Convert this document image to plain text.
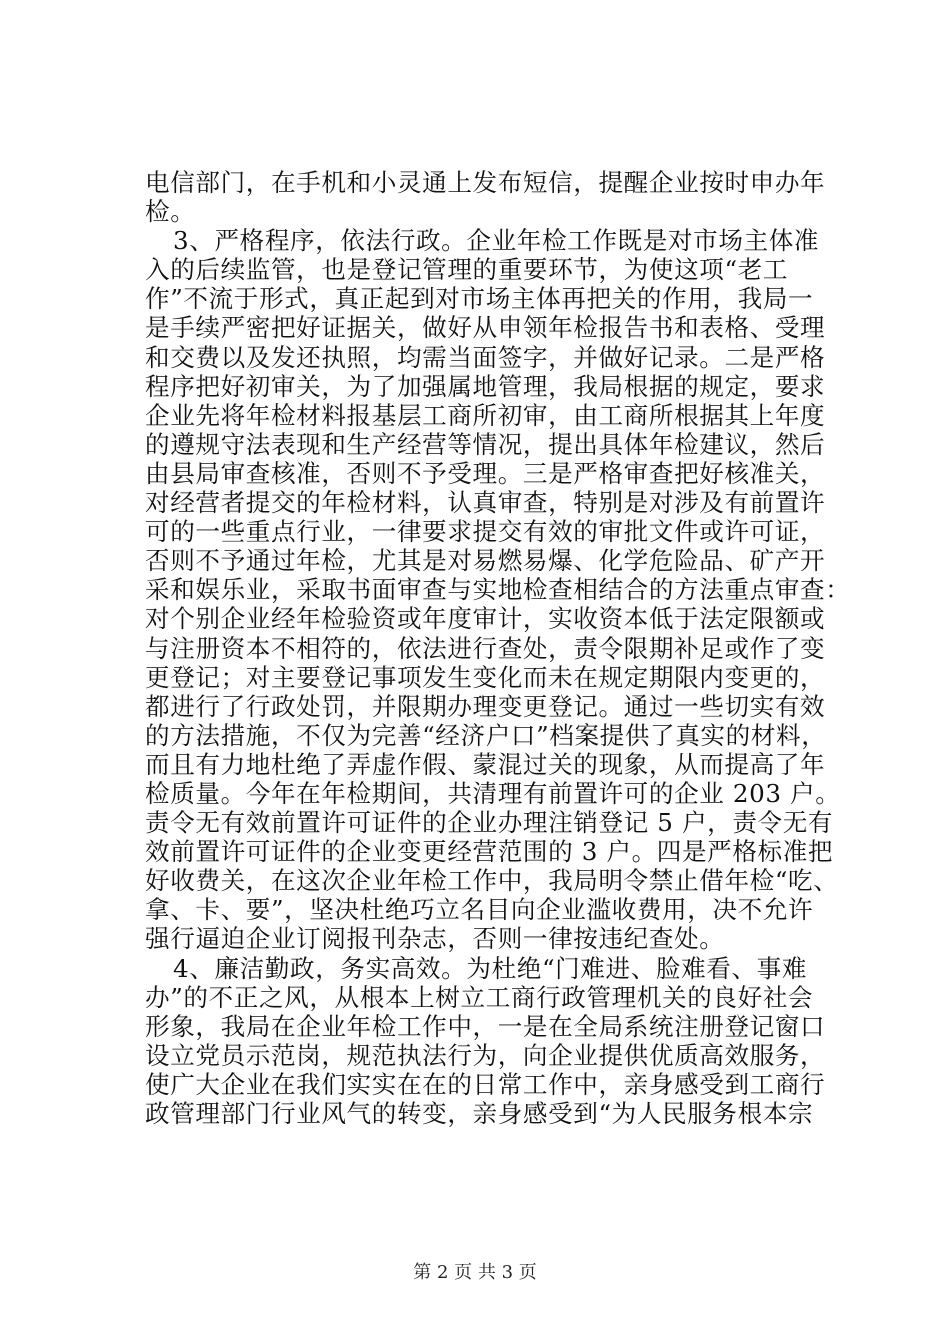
电信部门，在手机和小灵通上发布短信，提醒企业按时申办年
检。
3、严格程序，依法行政。企业年检工作既是对市场主体准
入的后续监管，也是登记管理的重要环节，为使这项“老工
作”不流于形式，真正起到对市场主体再把关的作用，我局一
是手续严密把好证据关，做好从申领年检报告书和表格、受理
和交费以及发还执照，均需当面签字，并做好记录。二是严格
程序把好初审关，为了加强属地管理，我局根据的规定，要求
企业先将年检材料报基层工商所初审，由工商所根据其上年度
的遵规守法表现和生产经营等情况，提出具体年检建议，然后
由县局审查核准，否则不予受理。三是严格审查把好核准关，
对经营者提交的年检材料，认真审查，特别是对涉及有前置许
可的一些重点行业，一律要求提交有效的审批文件或许可证，
否则不予通过年检，尤其是对易燃易爆、化学危险品、矿产开
采和娱乐业，采取书面审查与实地检查相结合的方法重点审查：
对个别企业经年检验资或年度审计，实收资本低于法定限额或
与注册资本不相符的，依法进行查处，责令限期补足或作了变
更登记；对主要登记事项发生变化而未在规定期限内变更的，
都进行了行政处罚，并限期办理变更登记。通过一些切实有效
的方法措施，不仅为完善“经济户口”档案提供了真实的材料，
而且有力地杜绝了弄虚作假、蒙混过关的现象，从而提高了年
检质量。今年在年检期间，共清理有前置许可的企业 203 户。
责令无有效前置许可证件的企业办理注销登记 5 户，责令无有
效前置许可证件的企业变更经营范围的 3 户。四是严格标准把
好收费关，在这次企业年检工作中，我局明令禁止借年检“吃、
拿、卡、要”，坚决杜绝巧立名目向企业滥收费用，决不允许
强行逼迫企业订阅报刊杂志，否则一律按违纪查处。
4、廉洁勤政，务实高效。为杜绝“门难进、脸难看、事难
办”的不正之风，从根本上树立工商行政管理机关的良好社会
形象，我局在企业年检工作中，一是在全局系统注册登记窗口
设立党员示范岗，规范执法行为，向企业提供优质高效服务，
使广大企业在我们实实在在的日常工作中，亲身感受到工商行
政管理部门行业风气的转变，亲身感受到“为人民服务根本宗
第 2 页 共 3 页
